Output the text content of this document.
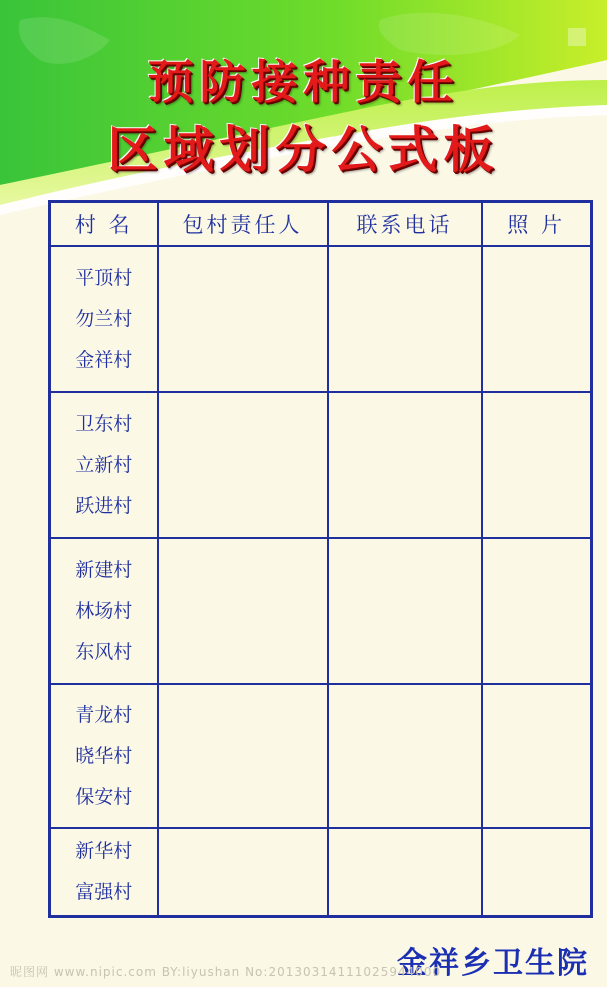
预防接种责任
区域划分公式板
村 名	包村责任人	联系电话	照 片

平顶村
勿兰村
金祥村			

卫东村
立新村
跃进村			

新建村
林场村
东风村			

青龙村
晓华村
保安村			

新华村
富强村			

金祥乡卫生院
昵图网 www.nipic.com BY:liyushan No:20130314111025944000
